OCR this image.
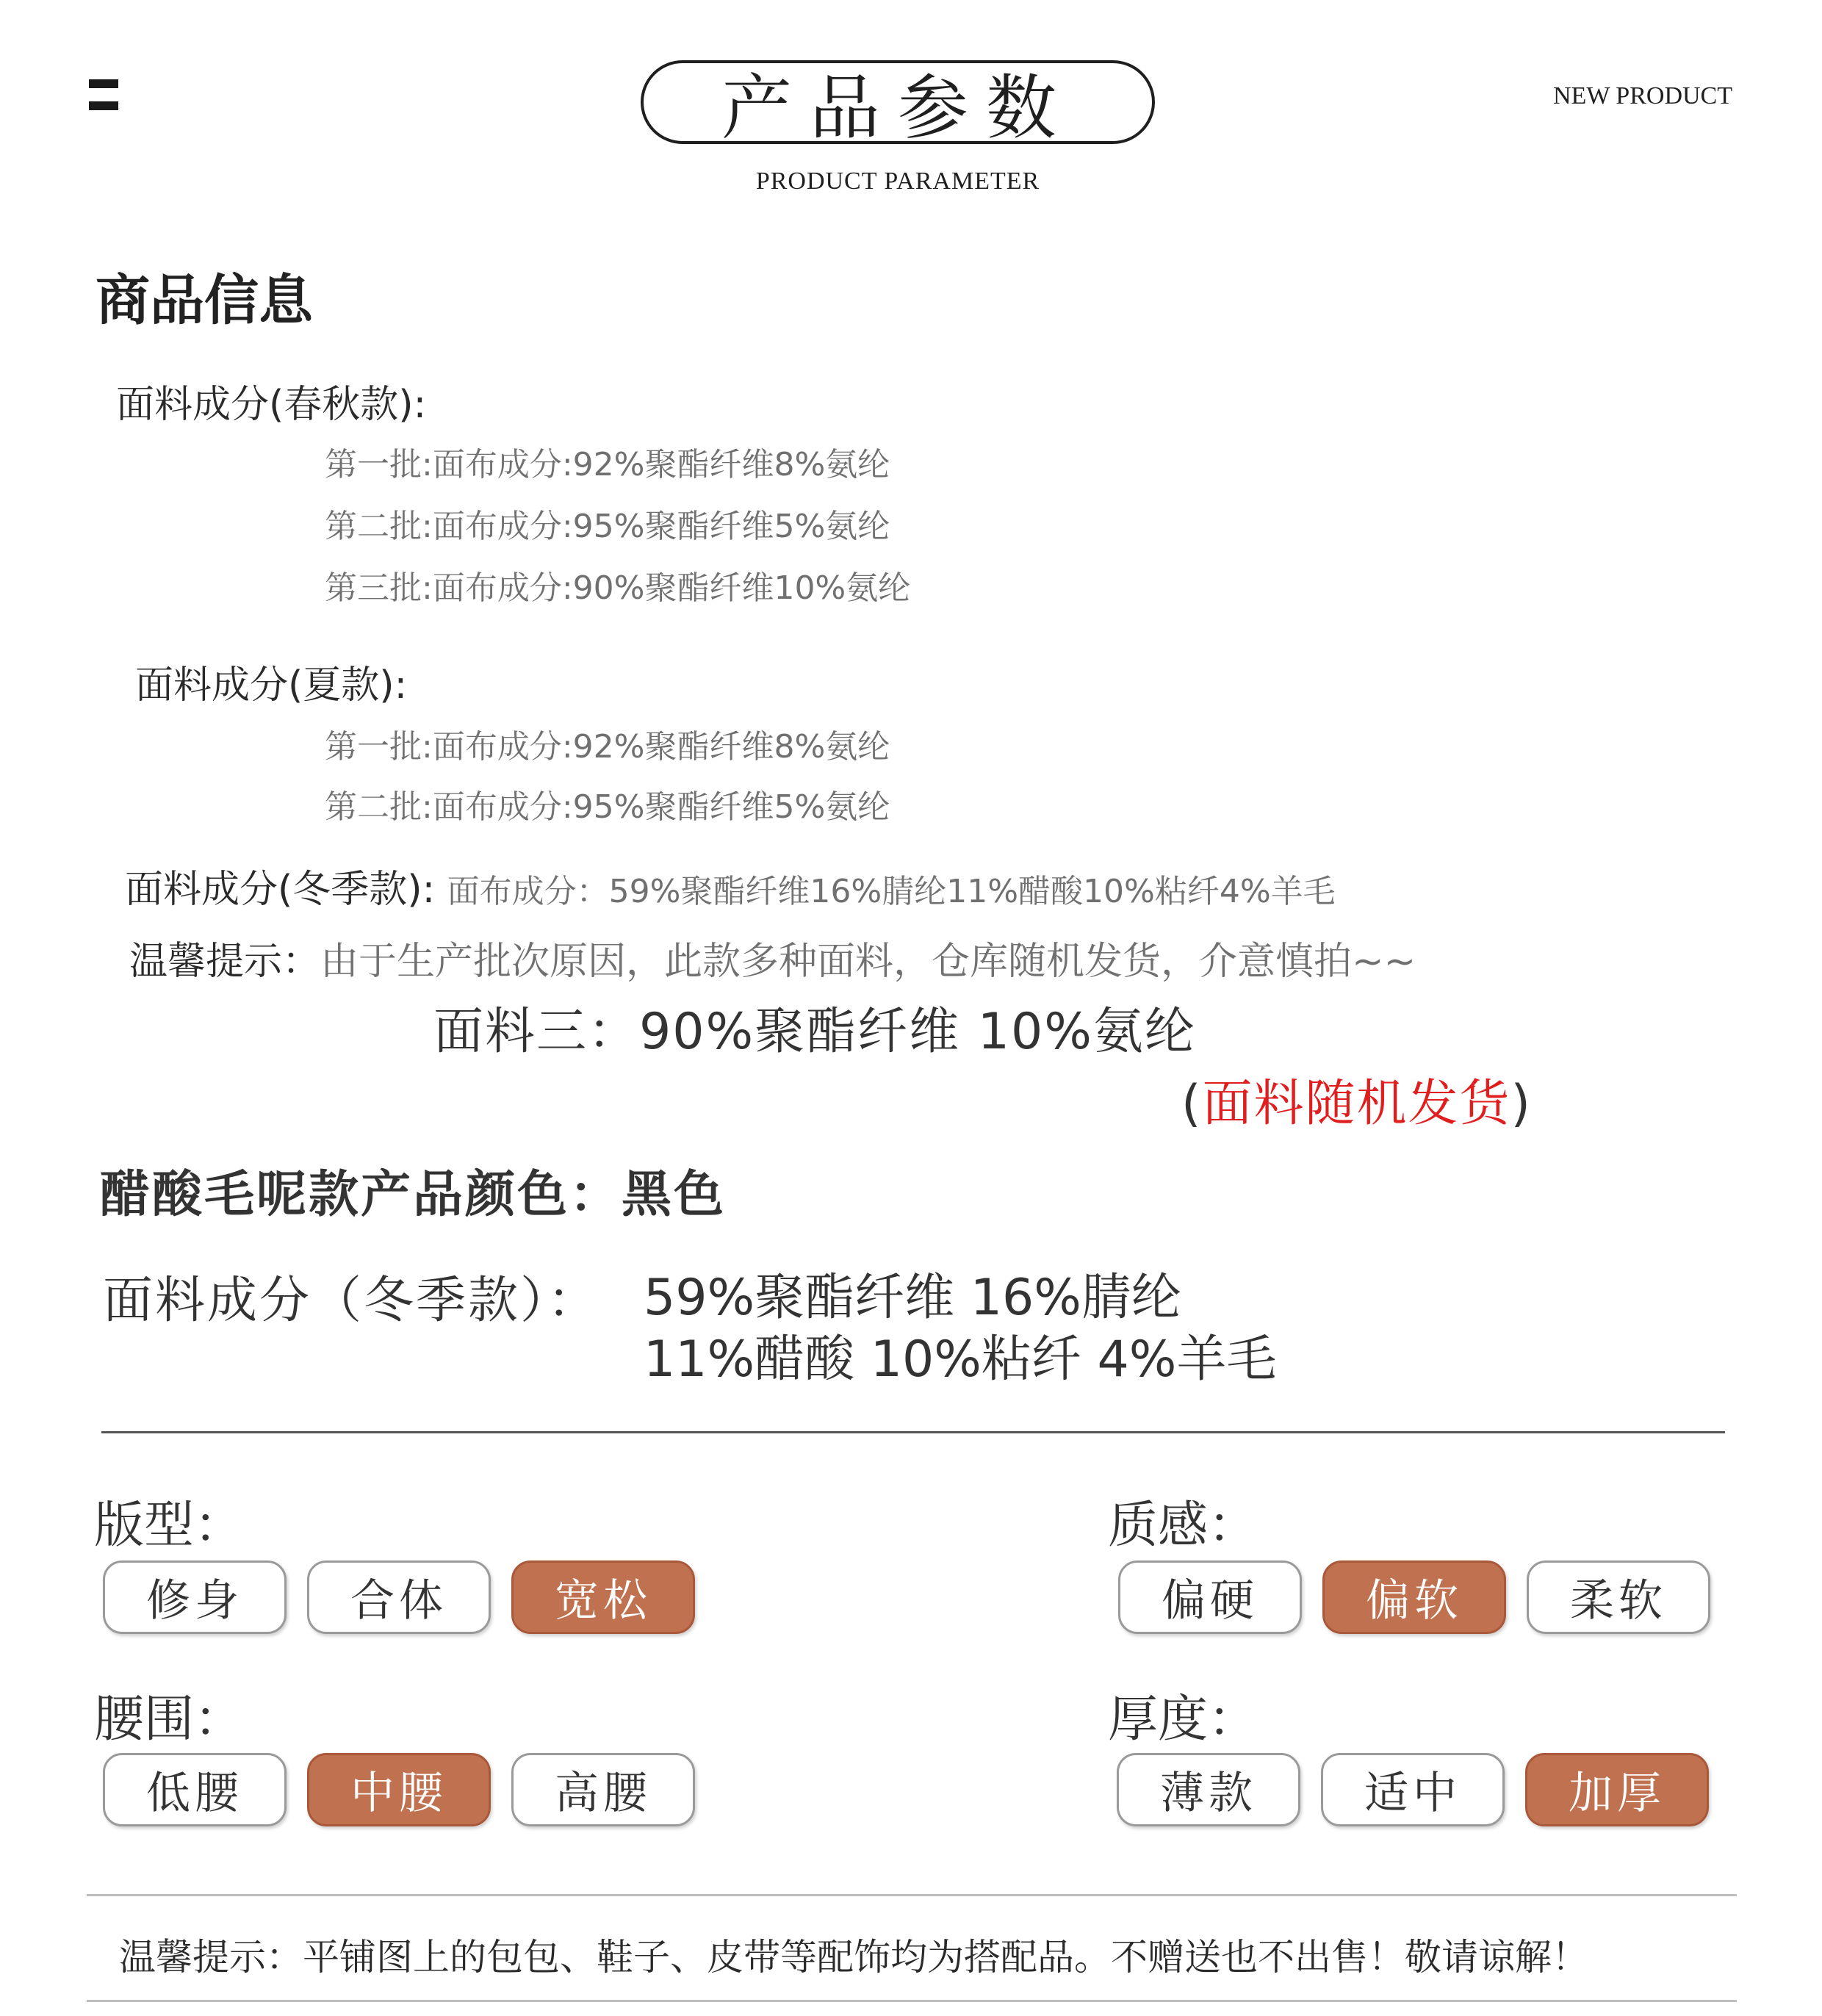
产品参数
PRODUCT PARAMETER
NEW PRODUCT
商品信息
面料成分(春秋款):
第一批:面布成分:92%聚酯纤维8%氨纶
第二批:面布成分:95%聚酯纤维5%氨纶
第三批:面布成分:90%聚酯纤维10%氨纶
面料成分(夏款):
第一批:面布成分:92%聚酯纤维8%氨纶
第二批:面布成分:95%聚酯纤维5%氨纶
面料成分(冬季款): 面布成分：59%聚酯纤维16%腈纶11%醋酸10%粘纤4%羊毛
温馨提示：由于生产批次原因，此款多种面料，仓库随机发货，介意慎拍~~
面料三：90%聚酯纤维 10%氨纶
(面料随机发货)
醋酸毛呢款产品颜色：黑色
面料成分（冬季款）： 59%聚酯纤维 16%腈纶
11%醋酸 10%粘纤 4%羊毛
版型：
修身	合体	宽松
质感：
偏硬	偏软	柔软
腰围：
低腰	中腰	高腰
厚度：
薄款	适中	加厚
温馨提示：平铺图上的包包、鞋子、皮带等配饰均为搭配品。不赠送也不出售！敬请谅解！
